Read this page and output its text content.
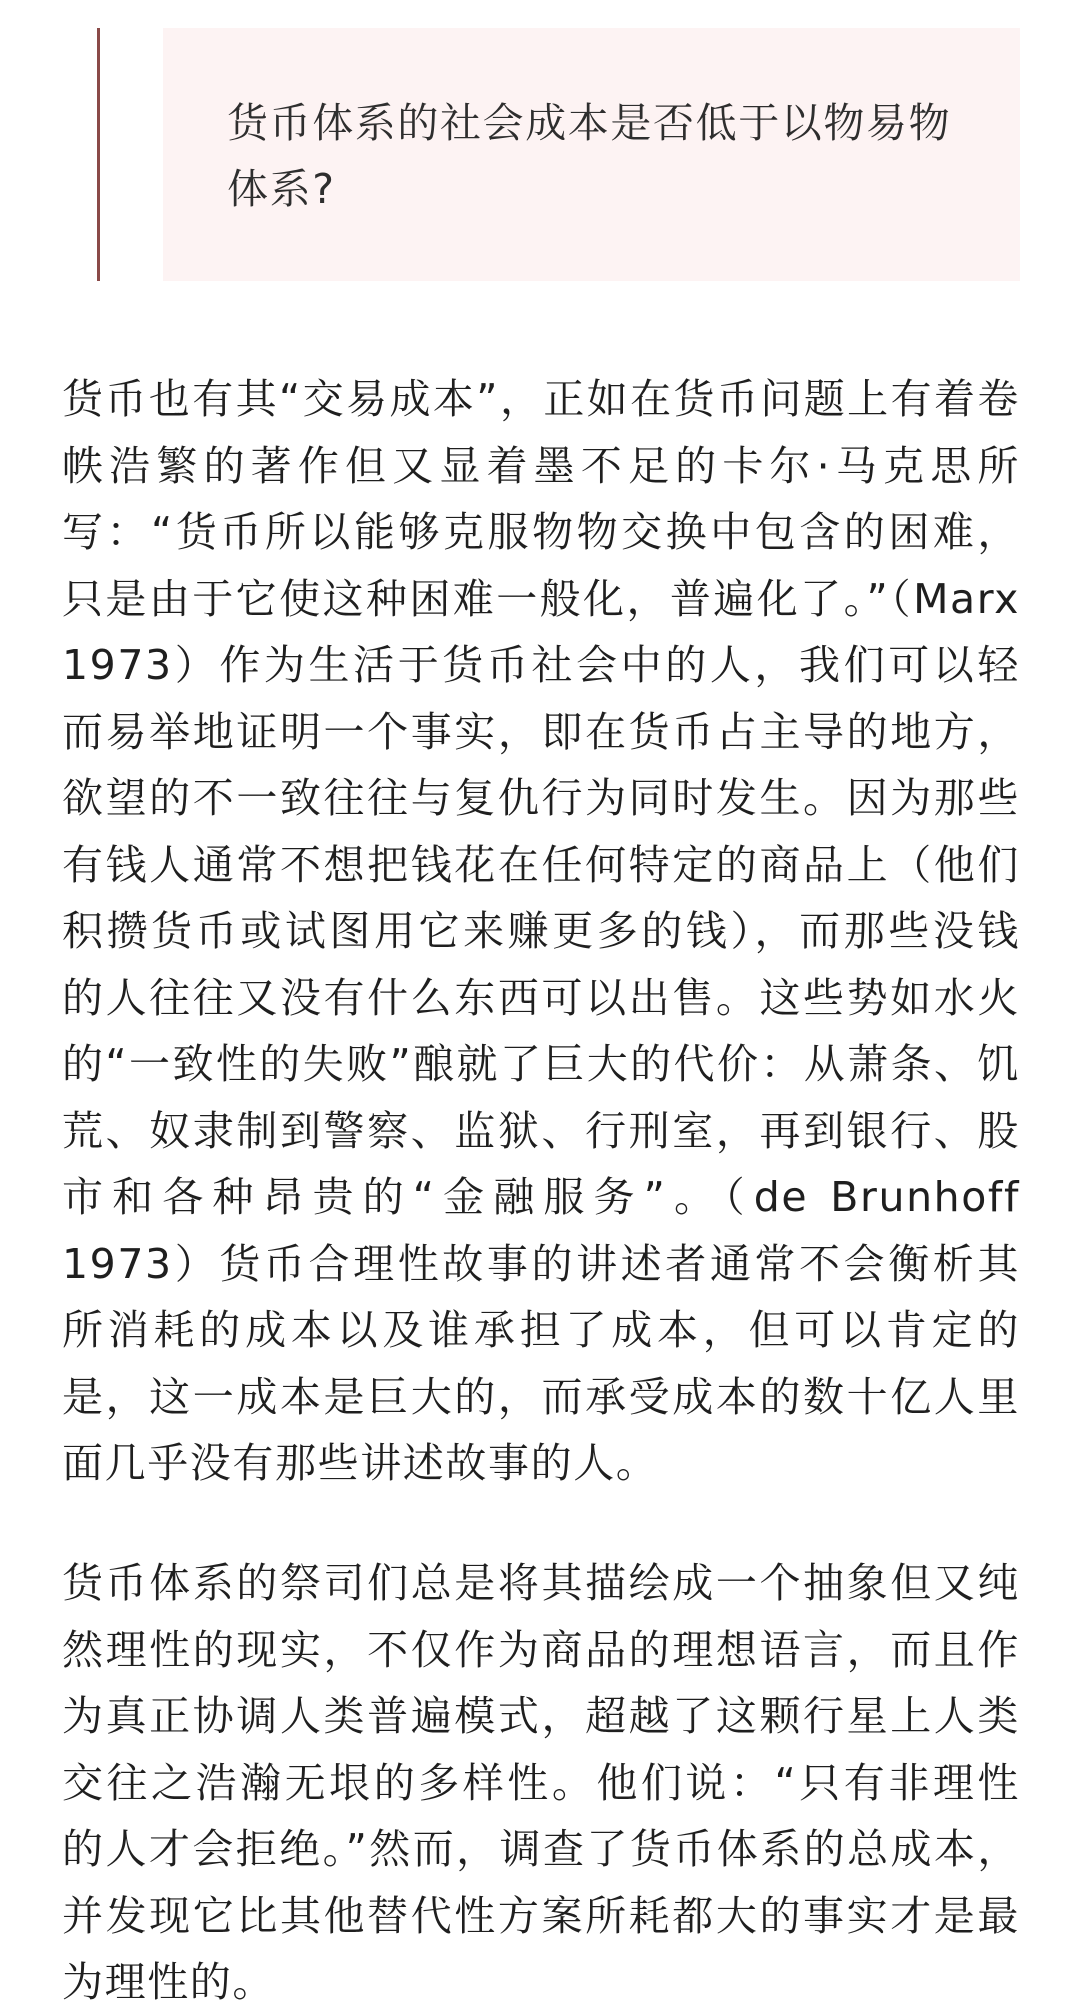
货币体系的社会成本是否低于以物易物体系?

货币也有其“交易成本”，正如在货币问题上有着卷帙浩繁的著作但又显着墨不足的卡尔·马克思所写：“货币所以能够克服物物交换中包含的困难，只是由于它使这种困难一般化，普遍化了。”（Marx 1973）作为生活于货币社会中的人，我们可以轻而易举地证明一个事实，即在货币占主导的地方，欲望的不一致往往与复仇行为同时发生。因为那些有钱人通常不想把钱花在任何特定的商品上（他们积攒货币或试图用它来赚更多的钱），而那些没钱的人往往又没有什么东西可以出售。这些势如水火的“一致性的失败”酿就了巨大的代价：从萧条、饥荒、奴隶制到警察、监狱、行刑室，再到银行、股市和各种昂贵的“金融服务”。（de Brunhoff 1973）货币合理性故事的讲述者通常不会衡析其所消耗的成本以及谁承担了成本，但可以肯定的是，这一成本是巨大的，而承受成本的数十亿人里面几乎没有那些讲述故事的人。

货币体系的祭司们总是将其描绘成一个抽象但又纯然理性的现实，不仅作为商品的理想语言，而且作为真正协调人类普遍模式，超越了这颗行星上人类交往之浩瀚无垠的多样性。他们说：“只有非理性的人才会拒绝。”然而，调查了货币体系的总成本，并发现它比其他替代性方案所耗都大的事实才是最为理性的。
